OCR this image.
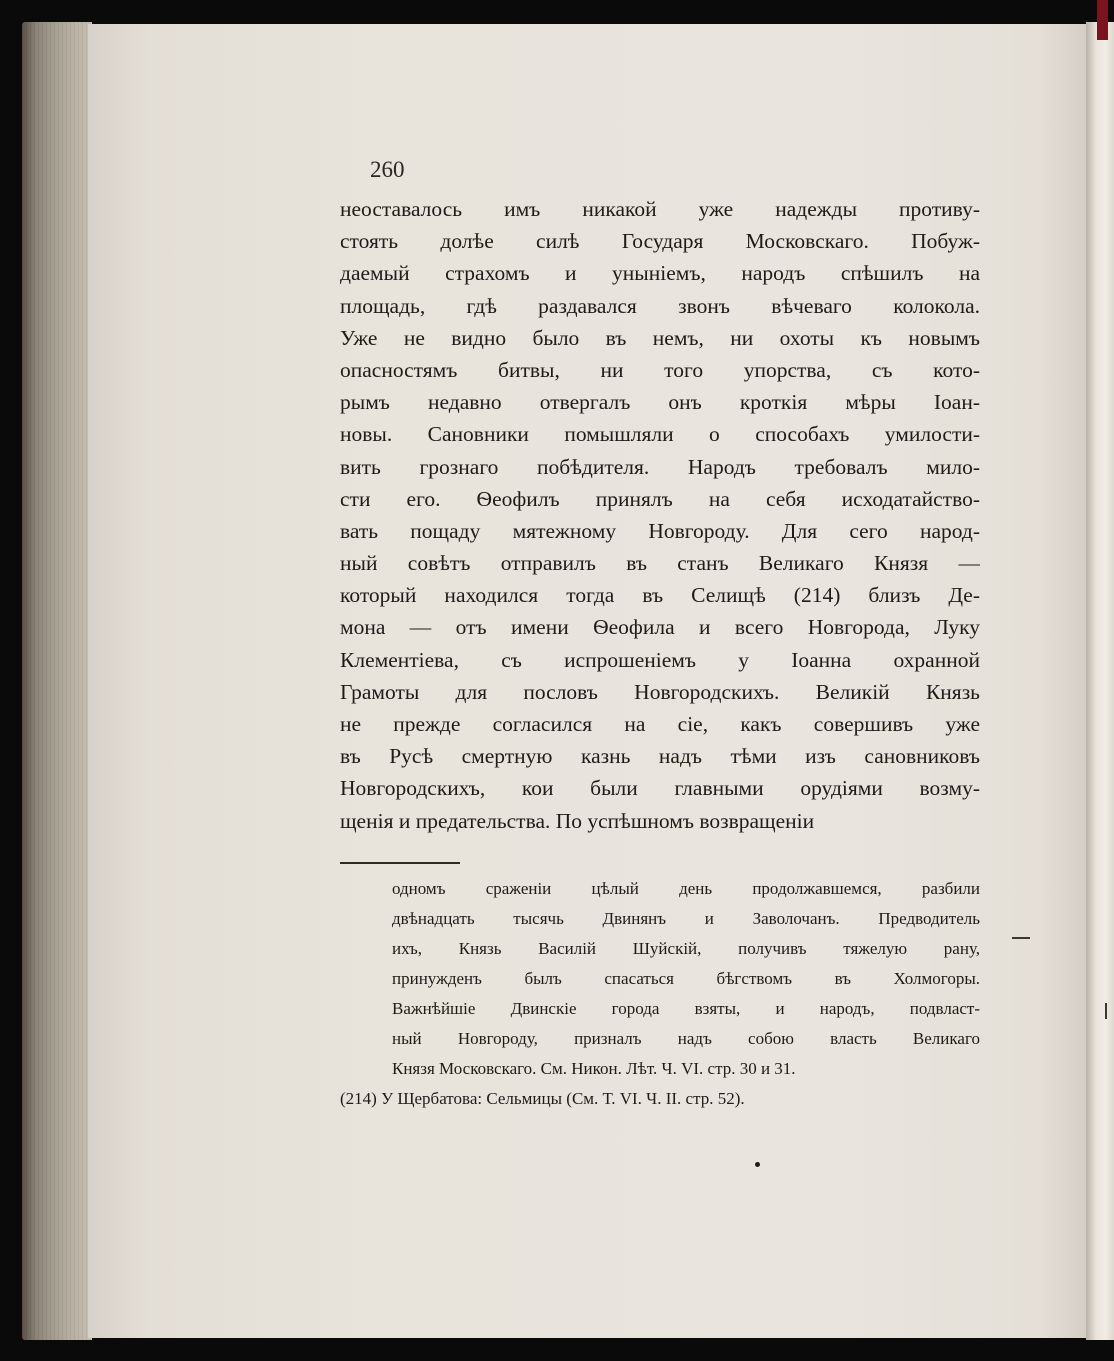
260
неоставалось имъ никакой уже надежды противу-
стоять долѣе силѣ Государя Московскаго. Побуж-
даемый страхомъ и уныніемъ, народъ спѣшилъ на
площадь, гдѣ раздавался звонъ вѣчеваго колокола.
Уже не видно было въ немъ, ни охоты къ новымъ
опасностямъ битвы, ни того упорства, съ кото-
рымъ недавно отвергалъ онъ кроткія мѣры Іоан-
новы. Сановники помышляли о способахъ умилости-
вить грознаго побѣдителя. Народъ требовалъ мило-
сти его. Ѳеофилъ принялъ на себя исходатайство-
вать пощаду мятежному Новгороду. Для сего народ-
ный совѣтъ отправилъ въ станъ Великаго Князя —
который находился тогда въ Селищѣ (214) близъ Де-
мона — отъ имени Ѳеофила и всего Новгорода, Луку
Клементіева, съ испрошеніемъ у Іоанна охранной
Грамоты для пословъ Новгородскихъ. Великій Князь
не прежде согласился на сіе, какъ совершивъ уже
въ Русѣ смертную казнь надъ тѣми изъ сановниковъ
Новгородскихъ, кои были главными орудіями возму-
щенія и предательства. По успѣшномъ возвращеніи
одномъ сраженіи цѣлый день продолжавшемся, разбили
двѣнадцать тысячь Двинянъ и Заволочанъ. Предводитель
ихъ, Князь Василій Шуйскій, получивъ тяжелую рану,
принужденъ былъ спасаться бѣгствомъ въ Холмогоры.
Важнѣйшіе Двинскіе города взяты, и народъ, подвласт-
ный Новгороду, призналъ надъ собою власть Великаго
Князя Московскаго. См. Никон. Лѣт. Ч. VI. стр. 30 и 31.
(214) У Щербатова: Сельмицы (См. Т. VI. Ч. II. стр. 52).
